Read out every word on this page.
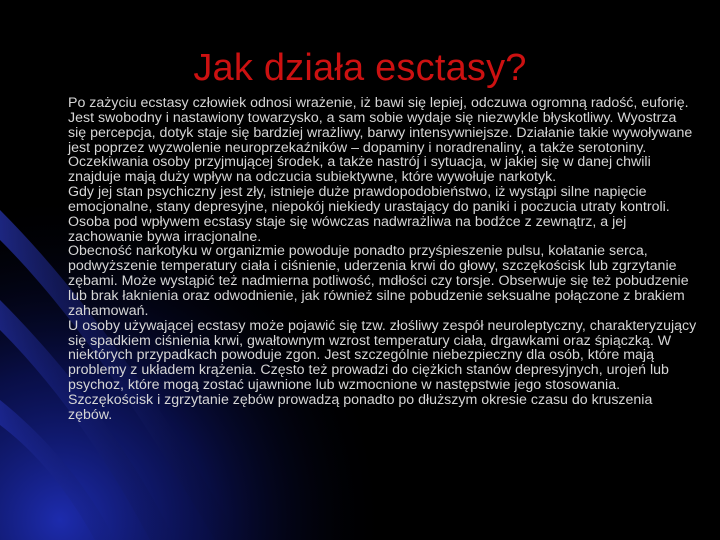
Jak działa esctasy?

Po zażyciu ecstasy człowiek odnosi wrażenie, iż bawi się lepiej, odczuwa ogromną radość, euforię. Jest swobodny i nastawiony towarzysko, a sam sobie wydaje się niezwykle błyskotliwy. Wyostrza się percepcja, dotyk staje się bardziej wrażliwy, barwy intensywniejsze. Działanie takie wywoływane jest poprzez wyzwolenie neuroprzekaźników – dopaminy i noradrenaliny, a także serotoniny.

Oczekiwania osoby przyjmującej środek, a także nastrój i sytuacja, w jakiej się w danej chwili znajduje mają duży wpływ na odczucia subiektywne, które wywołuje narkotyk.

Gdy jej stan psychiczny jest zły, istnieje duże prawdopodobieństwo, iż wystąpi silne napięcie emocjonalne, stany depresyjne, niepokój niekiedy urastający do paniki i poczucia utraty kontroli. Osoba pod wpływem ecstasy staje się wówczas nadwrażliwa na bodźce z zewnątrz, a jej zachowanie bywa irracjonalne.

Obecność narkotyku w organizmie powoduje ponadto przyśpieszenie pulsu, kołatanie serca, podwyższenie temperatury ciała i ciśnienie, uderzenia krwi do głowy, szczękościsk lub zgrzytanie zębami. Może wystąpić też nadmierna potliwość, mdłości czy torsje. Obserwuje się też pobudzenie lub brak łaknienia oraz odwodnienie, jak również silne pobudzenie seksualne połączone z brakiem zahamowań.

U osoby używającej ecstasy może pojawić się tzw. złośliwy zespół neuroleptyczny, charakteryzujący się spadkiem ciśnienia krwi, gwałtownym wzrost temperatury ciała, drgawkami oraz śpiączką. W niektórych przypadkach powoduje zgon. Jest szczególnie niebezpieczny dla osób, które mają problemy z układem krążenia. Często też prowadzi do ciężkich stanów depresyjnych, urojeń lub psychoz, które mogą zostać ujawnione lub wzmocnione w następstwie jego stosowania. Szczękościsk i zgrzytanie zębów prowadzą ponadto po dłuższym okresie czasu do kruszenia zębów.
